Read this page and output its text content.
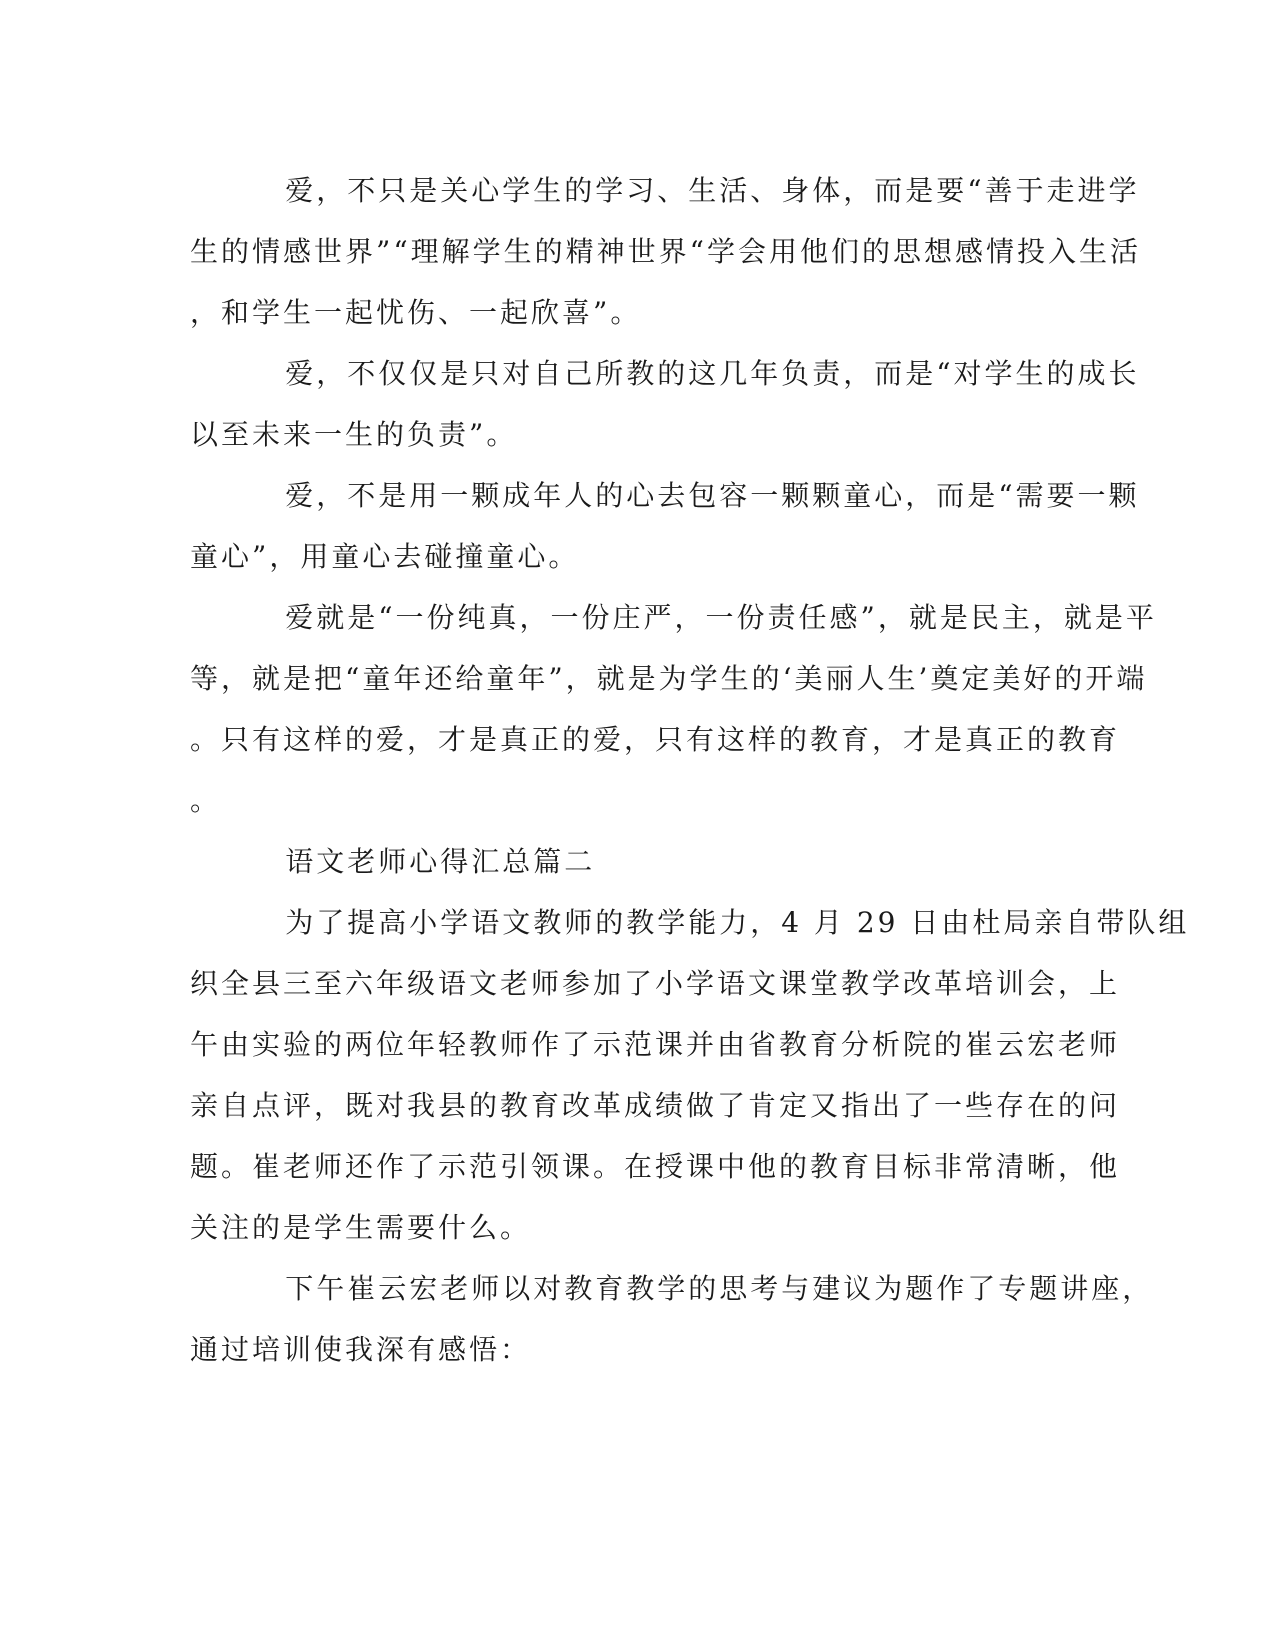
爱，不只是关心学生的学习、生活、身体，而是要“善于走进学
生的情感世界”“理解学生的精神世界“学会用他们的思想感情投入生活
，和学生一起忧伤、一起欣喜”。
爱，不仅仅是只对自己所教的这几年负责，而是“对学生的成长
以至未来一生的负责”。
爱，不是用一颗成年人的心去包容一颗颗童心，而是“需要一颗
童心”，用童心去碰撞童心。
爱就是“一份纯真，一份庄严，一份责任感”，就是民主，就是平
等，就是把“童年还给童年”，就是为学生的‘美丽人生’奠定美好的开端
。只有这样的爱，才是真正的爱，只有这样的教育，才是真正的教育
。
语文老师心得汇总篇二
为了提高小学语文教师的教学能力，4 月 29 日由杜局亲自带队组
织全县三至六年级语文老师参加了小学语文课堂教学改革培训会，上
午由实验的两位年轻教师作了示范课并由省教育分析院的崔云宏老师
亲自点评，既对我县的教育改革成绩做了肯定又指出了一些存在的问
题。崔老师还作了示范引领课。在授课中他的教育目标非常清晰，他
关注的是学生需要什么。
下午崔云宏老师以对教育教学的思考与建议为题作了专题讲座，
通过培训使我深有感悟：
